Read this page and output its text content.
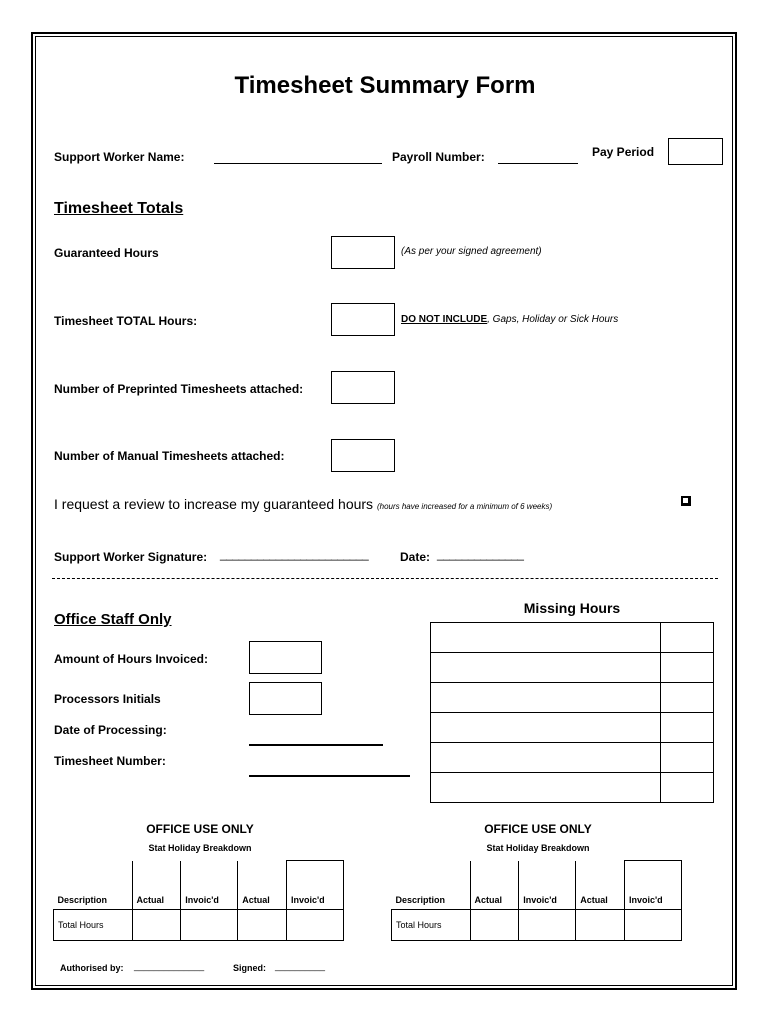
Timesheet Summary Form
Support Worker Name:	Payroll Number:	Pay Period
Timesheet Totals
Guaranteed Hours	(As per your signed agreement)
Timesheet TOTAL Hours:	DO NOT INCLUDE, Gaps, Holiday or Sick Hours
Number of Preprinted Timesheets attached:
Number of Manual Timesheets attached:
I request a review to increase my guaranteed hours (hours have increased for a minimum of 6 weeks)
Support Worker Signature: ________________________	Date: ______________
Office Staff Only
Amount of Hours Invoiced:
Processors Initials
Date of Processing:
Timesheet Number:
Missing Hours

OFFICE USE ONLY
Stat Holiday Breakdown
Description	Actual	Invoic'd	Actual	Invoic'd
Total Hours				
OFFICE USE ONLY
Stat Holiday Breakdown
Description	Actual	Invoic'd	Actual	Invoic'd
Total Hours				
Authorised by: ______________	Signed: __________
